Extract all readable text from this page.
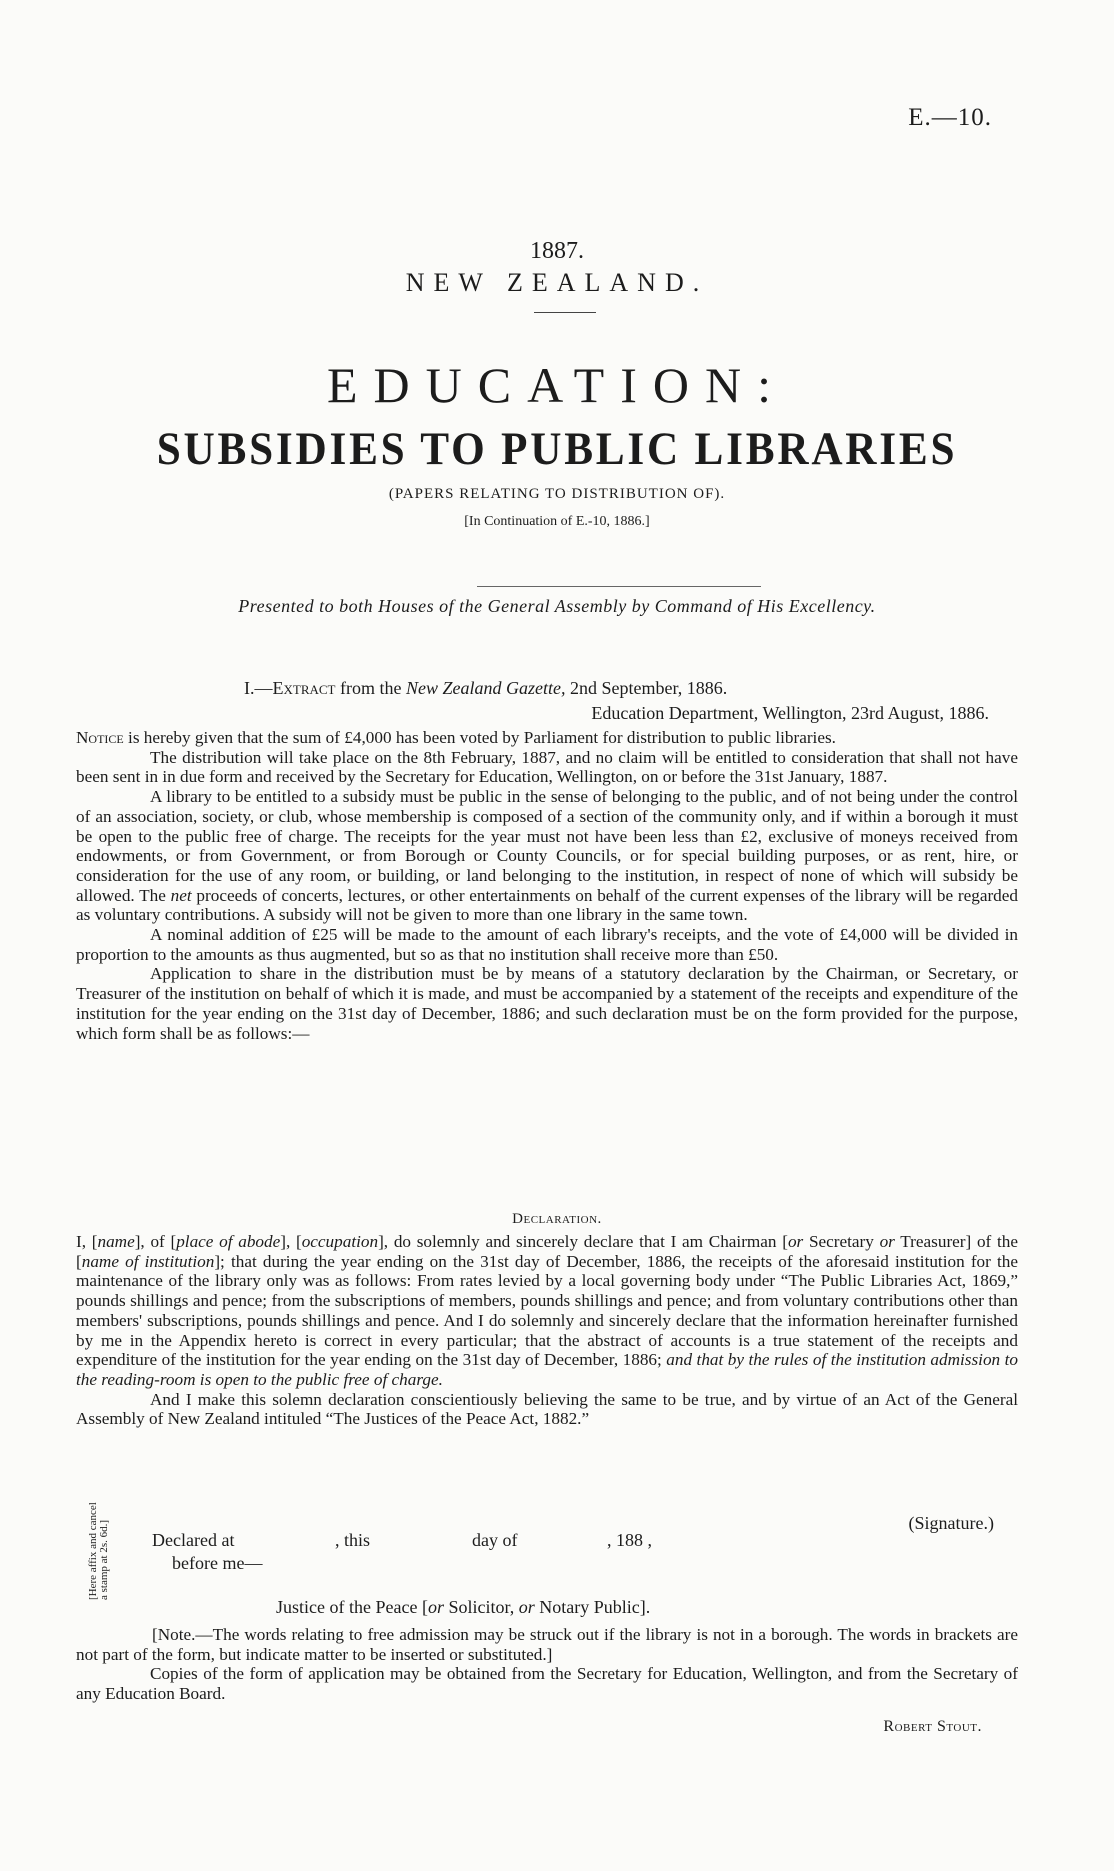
E.—10.
1887.
NEW ZEALAND.
EDUCATION:
SUBSIDIES TO PUBLIC LIBRARIES
(PAPERS RELATING TO DISTRIBUTION OF).
[In Continuation of E.-10, 1886.]
Presented to both Houses of the General Assembly by Command of His Excellency.
I.—Extract from the New Zealand Gazette, 2nd September, 1886.
Education Department, Wellington, 23rd August, 1886.

Notice is hereby given that the sum of £4,000 has been voted by Parliament for distribution to public libraries.

The distribution will take place on the 8th February, 1887, and no claim will be entitled to consideration that shall not have been sent in in due form and received by the Secretary for Education, Wellington, on or before the 31st January, 1887.

A library to be entitled to a subsidy must be public in the sense of belonging to the public, and of not being under the control of an association, society, or club, whose membership is composed of a section of the community only, and if within a borough it must be open to the public free of charge. The receipts for the year must not have been less than £2, exclusive of moneys received from endowments, or from Government, or from Borough or County Councils, or for special building purposes, or as rent, hire, or consideration for the use of any room, or building, or land belonging to the institution, in respect of none of which will subsidy be allowed. The net proceeds of concerts, lectures, or other entertainments on behalf of the current expenses of the library will be regarded as voluntary contributions. A subsidy will not be given to more than one library in the same town.

A nominal addition of £25 will be made to the amount of each library's receipts, and the vote of £4,000 will be divided in proportion to the amounts as thus augmented, but so as that no institution shall receive more than £50.

Application to share in the distribution must be by means of a statutory declaration by the Chairman, or Secretary, or Treasurer of the institution on behalf of which it is made, and must be accompanied by a statement of the receipts and expenditure of the institution for the year ending on the 31st day of December, 1886; and such declaration must be on the form provided for the purpose, which form shall be as follows:—

Declaration.

I, [name], of [place of abode], [occupation], do solemnly and sincerely declare that I am Chairman [or Secretary or Treasurer] of the [name of institution]; that during the year ending on the 31st day of December, 1886, the receipts of the aforesaid institution for the maintenance of the library only was as follows: From rates levied by a local governing body under “The Public Libraries Act, 1869,” pounds shillings and pence; from the subscriptions of members, pounds shillings and pence; and from voluntary contributions other than members' subscriptions, pounds shillings and pence. And I do solemnly and sincerely declare that the information hereinafter furnished by me in the Appendix hereto is correct in every particular; that the abstract of accounts is a true statement of the receipts and expenditure of the institution for the year ending on the 31st day of December, 1886; and that by the rules of the institution admission to the reading-room is open to the public free of charge.

And I make this solemn declaration conscientiously believing the same to be true, and by virtue of an Act of the General Assembly of New Zealand intituled “The Justices of the Peace Act, 1882.”

(Signature.)
[Here affix and cancel a stamp at 2s. 6d.] Declared at	, this	day of	, 188 ,
before me—
Justice of the Peace [or Solicitor, or Notary Public].

[Note.—The words relating to free admission may be struck out if the library is not in a borough. The words in brackets are not part of the form, but indicate matter to be inserted or substituted.]

Copies of the form of application may be obtained from the Secretary for Education, Wellington, and from the Secretary of any Education Board.

Robert Stout.
